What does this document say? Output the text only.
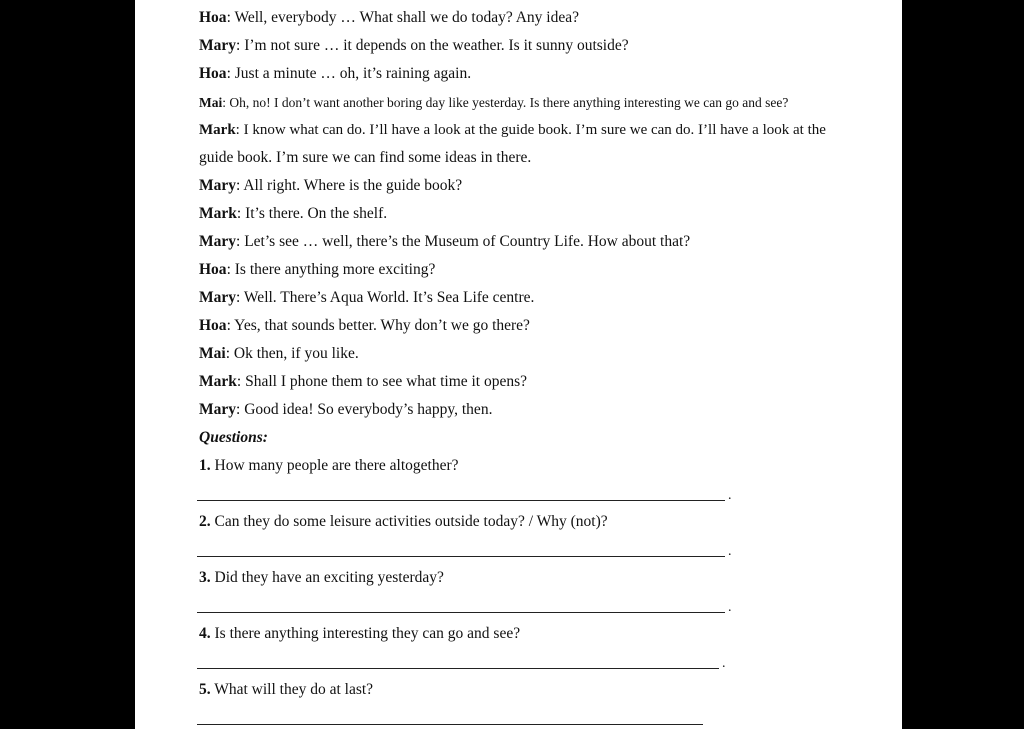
Hoa: Well, everybody … What shall we do today? Any idea?
Mary: I’m not sure … it depends on the weather. Is it sunny outside?
Hoa: Just a minute … oh, it’s raining again.
Mai: Oh, no! I don’t want another boring day like yesterday. Is there anything interesting we can go and see?
Mark: I know what can do. I’ll have a look at the guide book. I’m sure we can do. I’ll have a look at the
guide book. I’m sure we can find some ideas in there.
Mary: All right. Where is the guide book?
Mark: It’s there. On the shelf.
Mary: Let’s see … well, there’s the Museum of Country Life. How about that?
Hoa: Is there anything more exciting?
Mary: Well. There’s Aqua World. It’s Sea Life centre.
Hoa: Yes, that sounds better. Why don’t we go there?
Mai: Ok then, if you like.
Mark: Shall I phone them to see what time it opens?
Mary: Good idea! So everybody’s happy, then.
Questions:
1. How many people are there altogether?
.
2. Can they do some leisure activities outside today? / Why (not)?
.
3. Did they have an exciting yesterday?
.
4. Is there anything interesting they can go and see?
.
5. What will they do at last?
